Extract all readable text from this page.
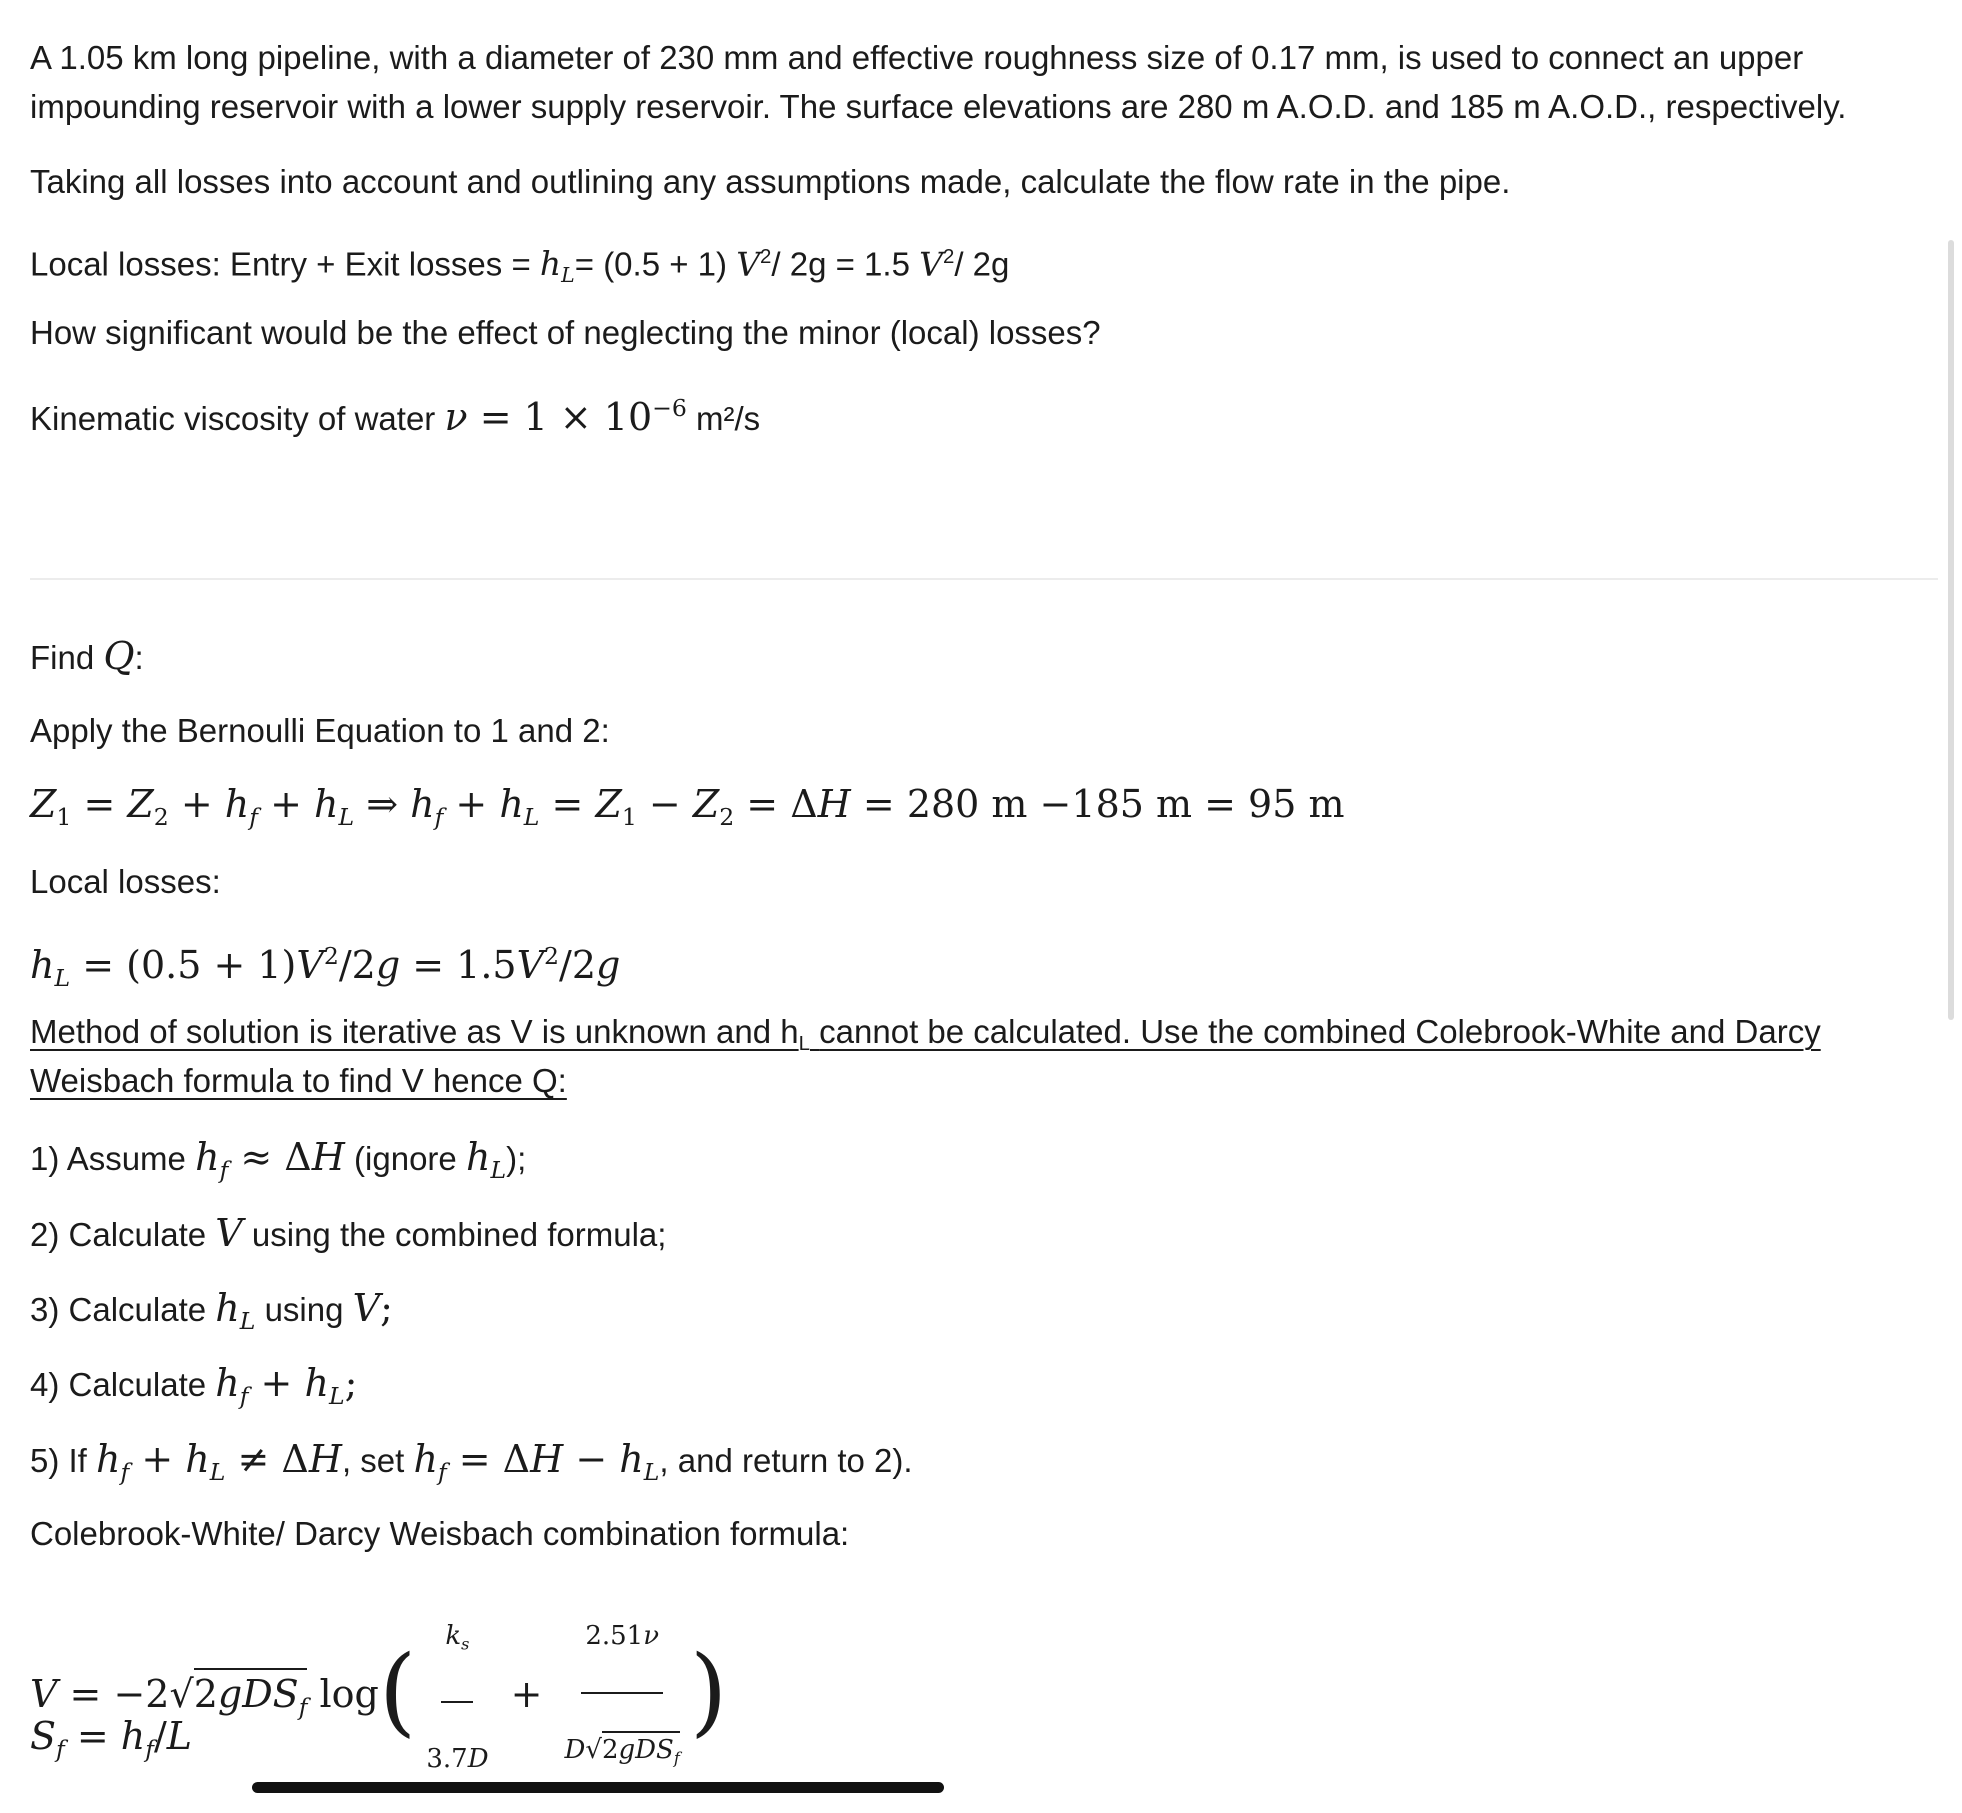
A 1.05 km long pipeline, with a diameter of 230 mm and effective roughness size of 0.17 mm, is used to connect an upper
impounding reservoir with a lower supply reservoir. The surface elevations are 280 m A.O.D. and 185 m A.O.D., respectively.
Taking all losses into account and outlining any assumptions made, calculate the flow rate in the pipe.
Local losses: Entry + Exit losses = $h_L= (0.5 + 1)$ $V^2/$ 2g = 1.5 $V^2/$ 2g
How significant would be the effect of neglecting the minor (local) losses?
Kinematic viscosity of water $\nu = 1 \times 10^{-6}$ m²/s
Find Q:
Apply the Bernoulli Equation to 1 and 2:
$Z_1 = Z_2 + h_f + h_L$ ⇒ $h_f + h_L = Z_1 - Z_2 = \Delta H = 280$ m −185 m = 95 m
Local losses:
$h_L = (0.5 + 1)V^2/2g = 1.5V^2/2g$
Method of solution is iterative as V is unknown and $h_L$ cannot be calculated. Use the combined Colebrook-White and Darcy
Weisbach formula to find V hence Q:
1) Assume $h_f \approx \Delta H$ (ignore $h_L$);
2) Calculate V using the combined formula;
3) Calculate $h_L$ using V;
4) Calculate $h_f + h_L$;
5) If $h_f + h_L \ne \Delta H$, set $h_f = \Delta H - h_L$, and return to 2).
Colebrook-White/ Darcy Weisbach combination formula:
V = −2√2gDS$_f$ $\log( \frac{k_s}{3.7D} + \frac{2.51\nu}{D√2gDS_f}$ )
$S_f = h_f/L$
